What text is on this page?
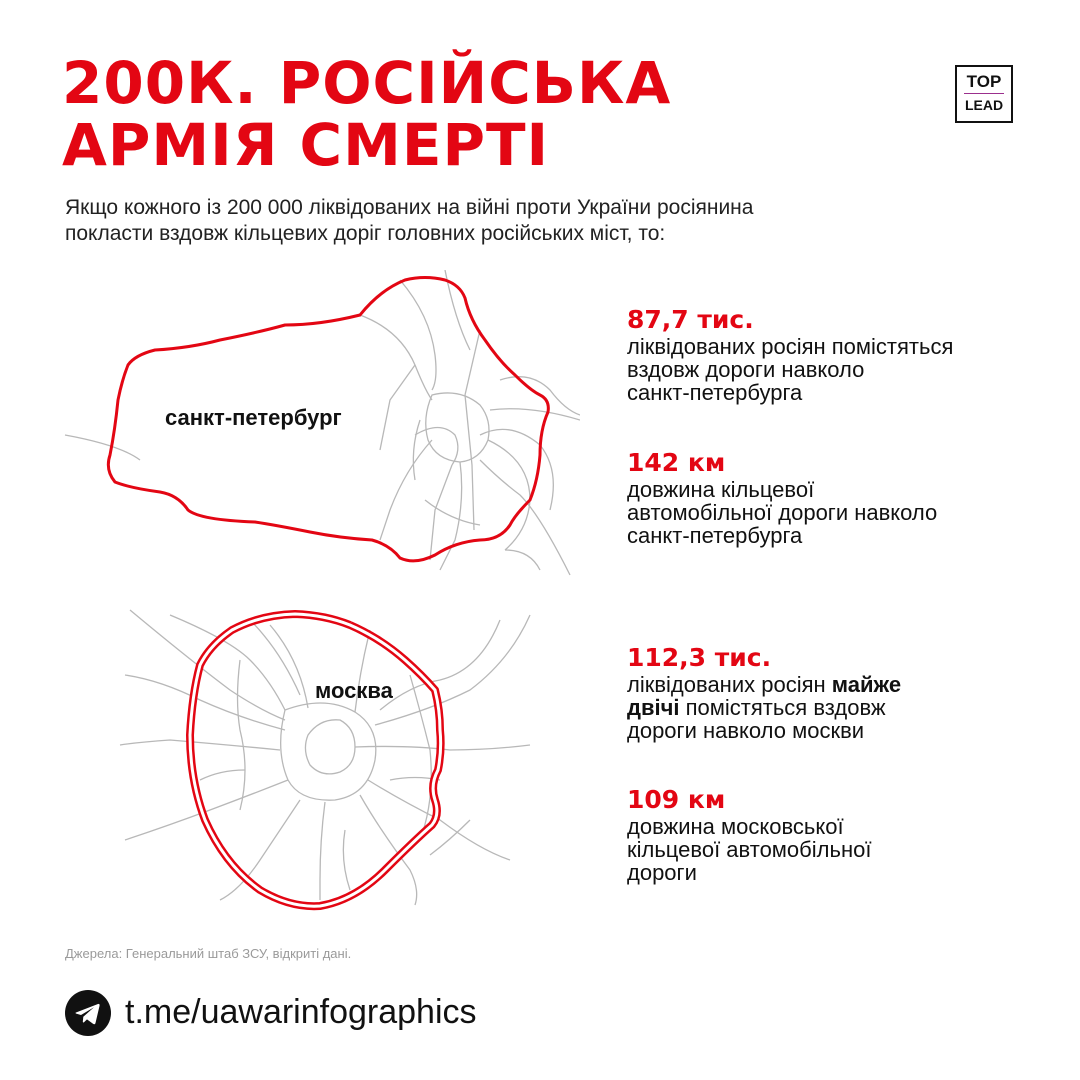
200К. РОСІЙСЬКА
АРМІЯ СМЕРТІ
TOP
LEAD
Якщо кожного із 200 000 ліквідованих на війні проти України росіянина
покласти вздовж кільцевих доріг головних російських міст, то:
санкт-петербург
москва
87,7 тис.
ліквідованих росіян помістяться
вздовж дороги навколо
санкт-петербурга
142 км
довжина кільцевої
автомобільної дороги навколо
санкт-петербурга
112,3 тис.
ліквідованих росіян майже
двічі помістяться вздовж
дороги навколо москви
109 км
довжина московської
кільцевої автомобільної
дороги
Джерела: Генеральний штаб ЗСУ, відкриті дані.
t.me/uawarinfographics
